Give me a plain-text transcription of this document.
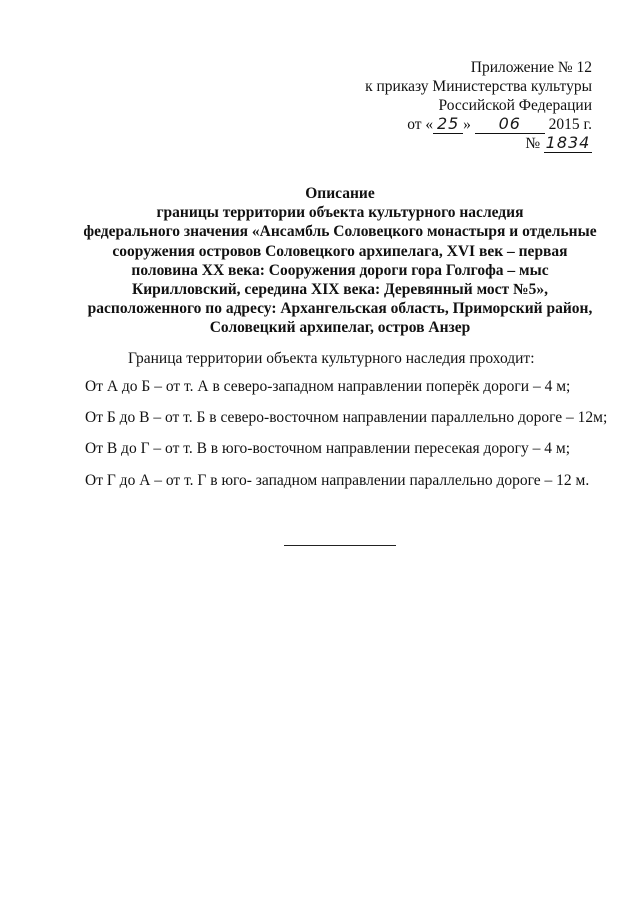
Приложение № 12
к приказу Министерства культуры
Российской Федерации
от « 25 » 06 2015 г.
№ 1834
Описание
границы территории объекта культурного наследия
федерального значения «Ансамбль Соловецкого монастыря и отдельные
сооружения островов Соловецкого архипелага, XVI век – первая
половина XX века: Сооружения дороги гора Голгофа – мыс
Кирилловский, середина XIX века: Деревянный мост №5»,
расположенного по адресу: Архангельская область, Приморский район,
Соловецкий архипелаг, остров Анзер
Граница территории объекта культурного наследия проходит:
От А до Б – от т. А в северо-западном направлении поперёк дороги – 4 м;
От Б до В – от т. Б в северо-восточном направлении параллельно дороге – 12м;
От В до Г – от т. В в юго-восточном направлении пересекая дорогу – 4 м;
От Г до А – от т. Г в юго- западном направлении параллельно дороге – 12 м.
